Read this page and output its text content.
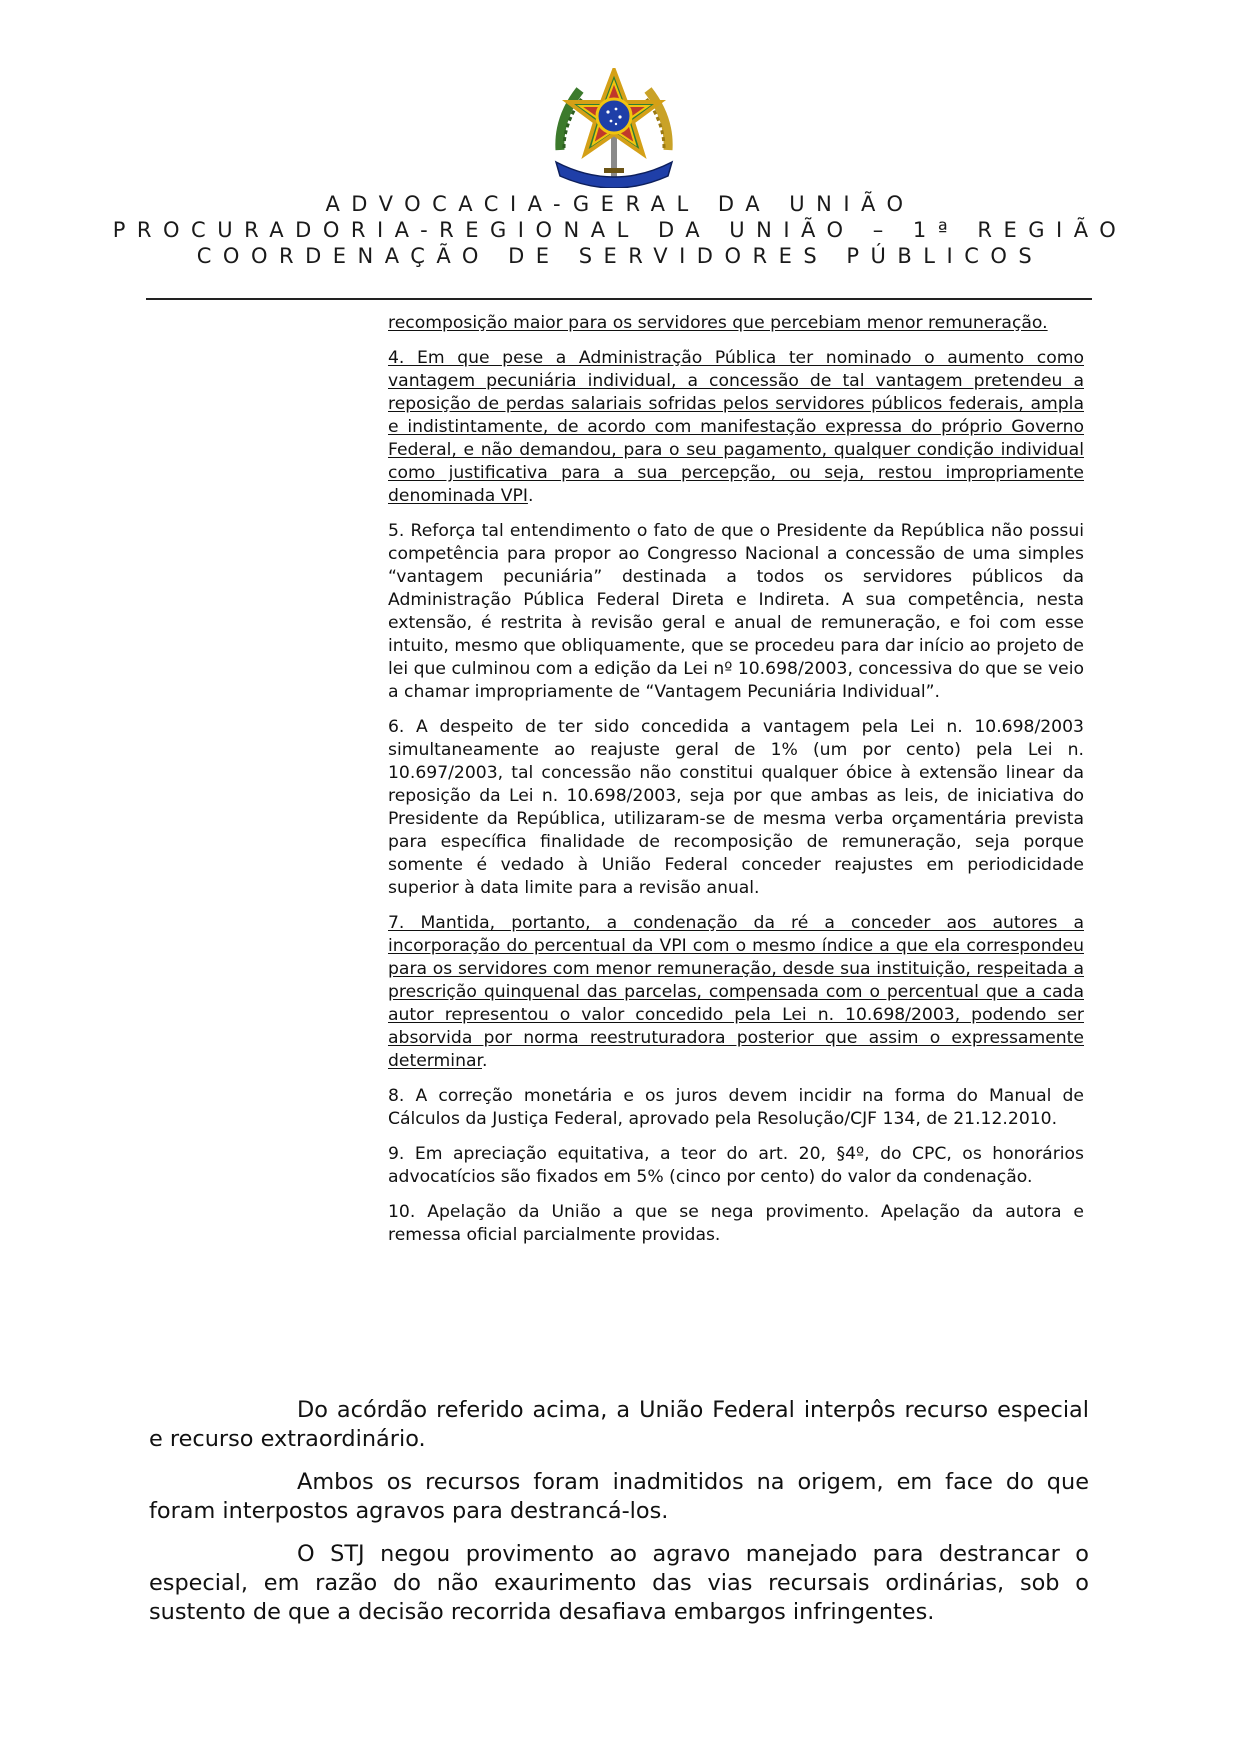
ADVOCACIA-GERAL DA UNIÃO
PROCURADORIA-REGIONAL DA UNIÃO – 1ª REGIÃO
COORDENAÇÃO DE SERVIDORES PÚBLICOS

recomposição maior para os servidores que percebiam menor remuneração.

4. Em que pese a Administração Pública ter nominado o aumento como vantagem pecuniária individual, a concessão de tal vantagem pretendeu a reposição de perdas salariais sofridas pelos servidores públicos federais, ampla e indistintamente, de acordo com manifestação expressa do próprio Governo Federal, e não demandou, para o seu pagamento, qualquer condição individual como justificativa para a sua percepção, ou seja, restou impropriamente denominada VPI.

5. Reforça tal entendimento o fato de que o Presidente da República não possui competência para propor ao Congresso Nacional a concessão de uma simples “vantagem pecuniária” destinada a todos os servidores públicos da Administração Pública Federal Direta e Indireta. A sua competência, nesta extensão, é restrita à revisão geral e anual de remuneração, e foi com esse intuito, mesmo que obliquamente, que se procedeu para dar início ao projeto de lei que culminou com a edição da Lei nº 10.698/2003, concessiva do que se veio a chamar impropriamente de “Vantagem Pecuniária Individual”.

6. A despeito de ter sido concedida a vantagem pela Lei n. 10.698/2003 simultaneamente ao reajuste geral de 1% (um por cento) pela Lei n. 10.697/2003, tal concessão não constitui qualquer óbice à extensão linear da reposição da Lei n. 10.698/2003, seja por que ambas as leis, de iniciativa do Presidente da República, utilizaram-se de mesma verba orçamentária prevista para específica finalidade de recomposição de remuneração, seja porque somente é vedado à União Federal conceder reajustes em periodicidade superior à data limite para a revisão anual.

7. Mantida, portanto, a condenação da ré a conceder aos autores a incorporação do percentual da VPI com o mesmo índice a que ela correspondeu para os servidores com menor remuneração, desde sua instituição, respeitada a prescrição quinquenal das parcelas, compensada com o percentual que a cada autor representou o valor concedido pela Lei n. 10.698/2003, podendo ser absorvida por norma reestruturadora posterior que assim o expressamente determinar.

8. A correção monetária e os juros devem incidir na forma do Manual de Cálculos da Justiça Federal, aprovado pela Resolução/CJF 134, de 21.12.2010.

9. Em apreciação equitativa, a teor do art. 20, §4º, do CPC, os honorários advocatícios são fixados em 5% (cinco por cento) do valor da condenação.

10. Apelação da União a que se nega provimento. Apelação da autora e remessa oficial parcialmente providas.

Do acórdão referido acima, a União Federal interpôs recurso especial e recurso extraordinário.

Ambos os recursos foram inadmitidos na origem, em face do que foram interpostos agravos para destrancá-los.

O STJ negou provimento ao agravo manejado para destrancar o especial, em razão do não exaurimento das vias recursais ordinárias, sob o sustento de que a decisão recorrida desafiava embargos infringentes.
